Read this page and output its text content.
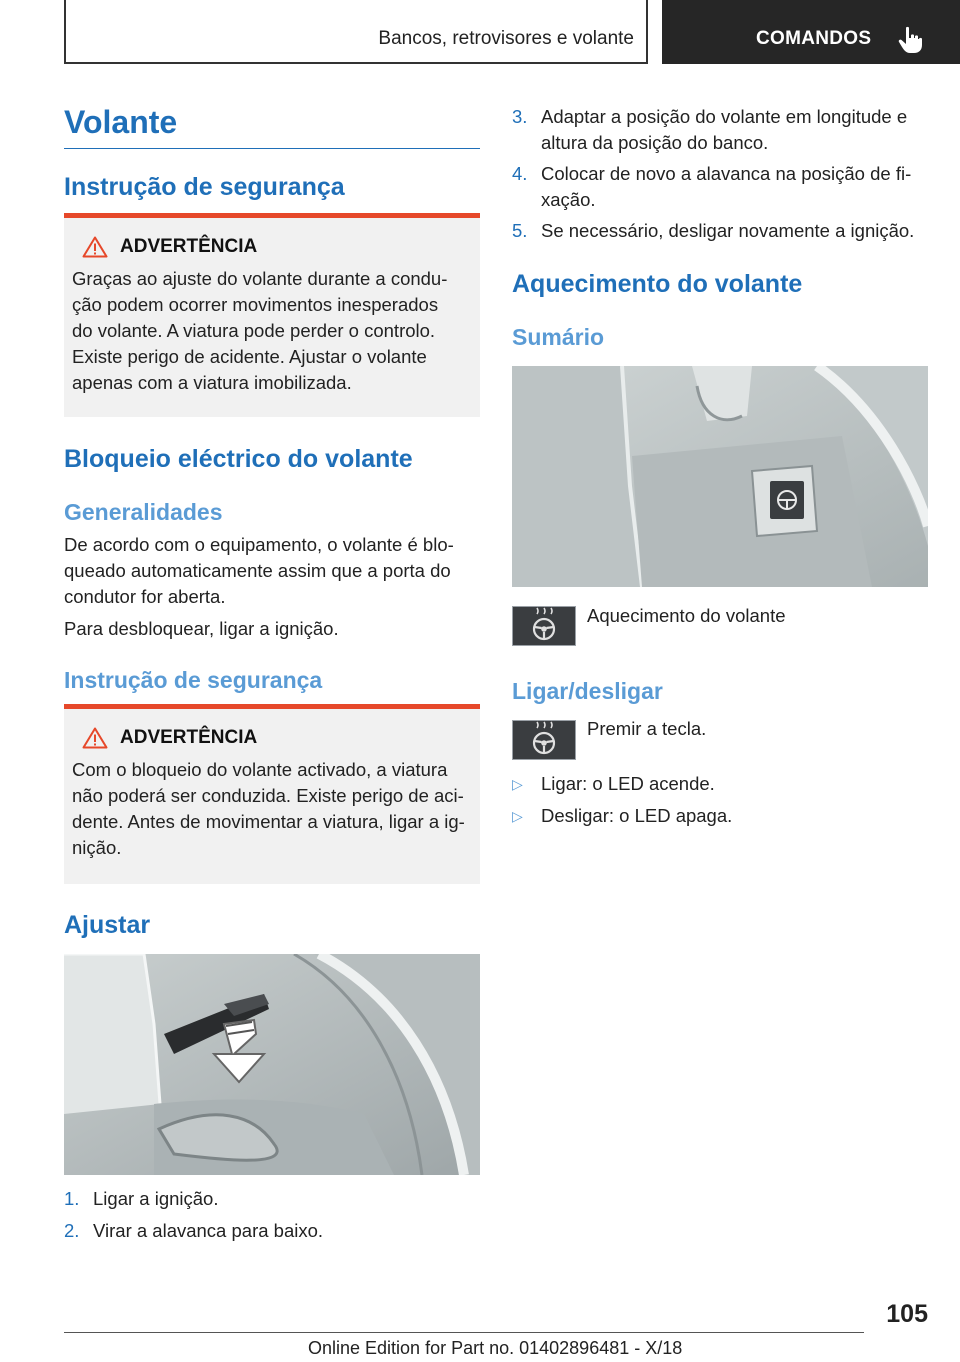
Bancos, retrovisores e volante	COMANDOS
Volante
Instrução de segurança
ADVERTÊNCIA
Graças ao ajuste do volante durante a condu-
ção podem ocorrer movimentos inesperados
do volante. A viatura pode perder o controlo.
Existe perigo de acidente. Ajustar o volante
apenas com a viatura imobilizada.
Bloqueio eléctrico do volante
Generalidades
De acordo com o equipamento, o volante é blo-
queado automaticamente assim que a porta do
condutor for aberta.

Para desbloquear, ligar a ignição.

Instrução de segurança
ADVERTÊNCIA
Com o bloqueio do volante activado, a viatura
não poderá ser conduzida. Existe perigo de aci-
dente. Antes de movimentar a viatura, ligar a ig-
nição.
Ajustar
1. Ligar a ignição.
2. Virar a alavanca para baixo.
3. Adaptar a posição do volante em longitude e
altura da posição do banco.
4. Colocar de novo a alavanca na posição de fi-
xação.
5. Se necessário, desligar novamente a ignição.
Aquecimento do volante
Sumário
Aquecimento do volante
Ligar/desligar
Premir a tecla.
▷ Ligar: o LED acende.
▷ Desligar: o LED apaga.
105
Online Edition for Part no. 01402896481 - X/18
